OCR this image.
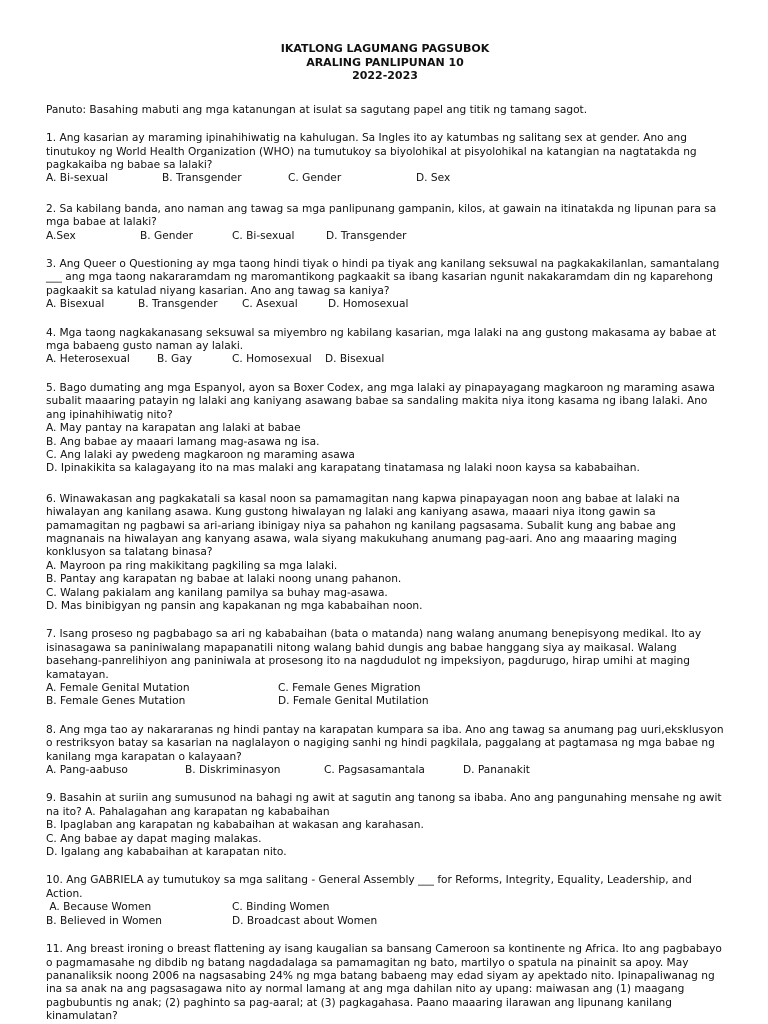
IKATLONG LAGUMANG PAGSUBOK
ARALING PANLIPUNAN 10
2022-2023
Panuto: Basahing mabuti ang mga katanungan at isulat sa sagutang papel ang titik ng tamang sagot.
1. Ang kasarian ay maraming ipinahihiwatig na kahulugan. Sa Ingles ito ay katumbas ng salitang sex at gender. Ano ang tinutukoy ng World Health Organization (WHO) na tumutukoy sa biyolohikal at pisyolohikal na katangian na nagtatakda ng pagkakaiba ng babae sa lalaki?
A. Bi-sexual	B. Transgender	C. Gender	D. Sex
2. Sa kabilang banda, ano naman ang tawag sa mga panlipunang gampanin, kilos, at gawain na itinatakda ng lipunan para sa mga babae at lalaki?
A.Sex	B. Gender	C. Bi-sexual	D. Transgender
3. Ang Queer o Questioning ay mga taong hindi tiyak o hindi pa tiyak ang kanilang seksuwal na pagkakakilanlan, samantalang ___ ang mga taong nakararamdam ng maromantikong pagkaakit sa ibang kasarian ngunit nakakaramdam din ng kaparehong pagkaakit sa katulad niyang kasarian. Ano ang tawag sa kaniya?
A. Bisexual	B. Transgender C. Asexual	D. Homosexual
4. Mga taong nagkakanasang seksuwal sa miyembro ng kabilang kasarian, mga lalaki na ang gustong makasama ay babae at mga babaeng gusto naman ay lalaki.
A. Heterosexual	B. Gay	C. Homosexual D. Bisexual
5. Bago dumating ang mga Espanyol, ayon sa Boxer Codex, ang mga lalaki ay pinapayagang magkaroon ng maraming asawa subalit maaaring patayin ng lalaki ang kaniyang asawang babae sa sandaling makita niya itong kasama ng ibang lalaki. Ano ang ipinahihiwatig nito?
A. May pantay na karapatan ang lalaki at babae
B. Ang babae ay maaari lamang mag-asawa ng isa.
C. Ang lalaki ay pwedeng magkaroon ng maraming asawa
D. Ipinakikita sa kalagayang ito na mas malaki ang karapatang tinatamasa ng lalaki noon kaysa sa kababaihan.
6. Winawakasan ang pagkakatali sa kasal noon sa pamamagitan nang kapwa pinapayagan noon ang babae at lalaki na hiwalayan ang kanilang asawa. Kung gustong hiwalayan ng lalaki ang kaniyang asawa, maaari niya itong gawin sa pamamagitan ng pagbawi sa ari-ariang ibinigay niya sa pahahon ng kanilang pagsasama. Subalit kung ang babae ang magnanais na hiwalayan ang kanyang asawa, wala siyang makukuhang anumang pag-aari. Ano ang maaaring maging konklusyon sa talatang binasa?
A. Mayroon pa ring makikitang pagkiling sa mga lalaki.
B. Pantay ang karapatan ng babae at lalaki noong unang pahanon.
C. Walang pakialam ang kanilang pamilya sa buhay mag-asawa.
D. Mas binibigyan ng pansin ang kapakanan ng mga kababaihan noon.
7. Isang proseso ng pagbabago sa ari ng kababaihan (bata o matanda) nang walang anumang benepisyong medikal. Ito ay isinasagawa sa paniniwalang mapapanatili nitong walang bahid dungis ang babae hanggang siya ay maikasal. Walang basehang-panrelihiyon ang paniniwala at prosesong ito na nagdudulot ng impeksiyon, pagdurugo, hirap umihi at maging kamatayan.
A. Female Genital Mutation	C. Female Genes Migration
B. Female Genes Mutation	D. Female Genital Mutilation
8. Ang mga tao ay nakararanas ng hindi pantay na karapatan kumpara sa iba. Ano ang tawag sa anumang pag uuri,eksklusyon o restriksyon batay sa kasarian na naglalayon o nagiging sanhi ng hindi pagkilala, paggalang at pagtamasa ng mga babae ng kanilang mga karapatan o kalayaan?
A. Pang-aabuso	B. Diskriminasyon	C. Pagsasamantala	D. Pananakit
9. Basahin at suriin ang sumusunod na bahagi ng awit at sagutin ang tanong sa ibaba. Ano ang pangunahing mensahe ng awit na ito? A. Pahalagahan ang karapatan ng kababaihan
B. Ipaglaban ang karapatan ng kababaihan at wakasan ang karahasan.
C. Ang babae ay dapat maging malakas.
D. Igalang ang kababaihan at karapatan nito.
10. Ang GABRIELA ay tumutukoy sa mga salitang - General Assembly ___ for Reforms, Integrity, Equality, Leadership, and Action.
A. Because Women	C. Binding Women
B. Believed in Women	D. Broadcast about Women
11. Ang breast ironing o breast flattening ay isang kaugalian sa bansang Cameroon sa kontinente ng Africa. Ito ang pagbabayo o pagmamasahe ng dibdib ng batang nagdadalaga sa pamamagitan ng bato, martilyo o spatula na pinainit sa apoy. May pananaliksik noong 2006 na nagsasabing 24% ng mga batang babaeng may edad siyam ay apektado nito. Ipinapaliwanag ng ina sa anak na ang pagsasagawa nito ay normal lamang at ang mga dahilan nito ay upang: maiwasan ang (1) maagang pagbubuntis ng anak; (2) paghinto sa pag-aaral; at (3) pagkagahasa. Paano maaaring ilarawan ang lipunang kanilang kinamulatan?
